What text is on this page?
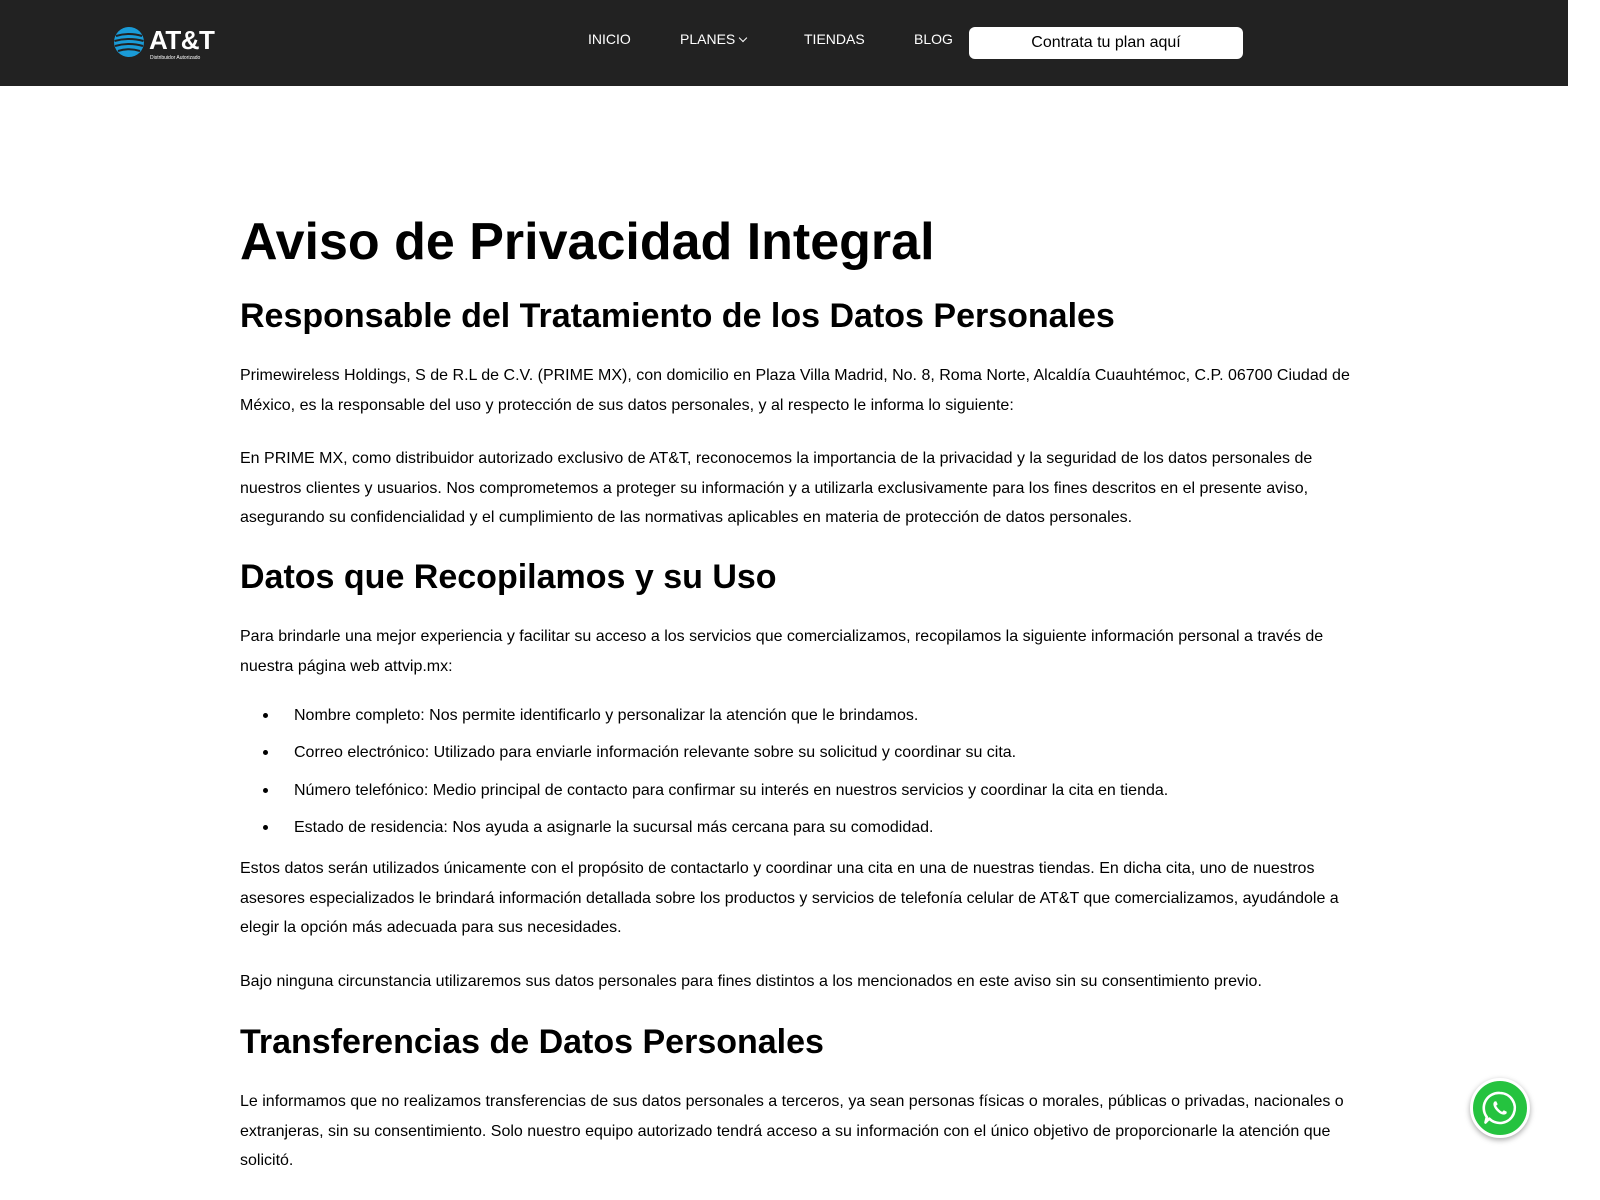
AT&T
Distribuidor Autorizado
INICIO	PLANES	TIENDAS	BLOG	Contrata tu plan aquí
Aviso de Privacidad Integral
Responsable del Tratamiento de los Datos Personales

Primewireless Holdings, S de R.L de C.V. (PRIME MX), con domicilio en Plaza Villa Madrid, No. 8, Roma Norte, Alcaldía Cuauhtémoc, C.P. 06700 Ciudad de México, es la responsable del uso y protección de sus datos personales, y al respecto le informa lo siguiente:

En PRIME MX, como distribuidor autorizado exclusivo de AT&T, reconocemos la importancia de la privacidad y la seguridad de los datos personales de nuestros clientes y usuarios. Nos comprometemos a proteger su información y a utilizarla exclusivamente para los fines descritos en el presente aviso, asegurando su confidencialidad y el cumplimiento de las normativas aplicables en materia de protección de datos personales.

Datos que Recopilamos y su Uso

Para brindarle una mejor experiencia y facilitar su acceso a los servicios que comercializamos, recopilamos la siguiente información personal a través de nuestra página web attvip.mx:

Nombre completo: Nos permite identificarlo y personalizar la atención que le brindamos.
Correo electrónico: Utilizado para enviarle información relevante sobre su solicitud y coordinar su cita.
Número telefónico: Medio principal de contacto para confirmar su interés en nuestros servicios y coordinar la cita en tienda.
Estado de residencia: Nos ayuda a asignarle la sucursal más cercana para su comodidad.

Estos datos serán utilizados únicamente con el propósito de contactarlo y coordinar una cita en una de nuestras tiendas. En dicha cita, uno de nuestros asesores especializados le brindará información detallada sobre los productos y servicios de telefonía celular de AT&T que comercializamos, ayudándole a elegir la opción más adecuada para sus necesidades.

Bajo ninguna circunstancia utilizaremos sus datos personales para fines distintos a los mencionados en este aviso sin su consentimiento previo.

Transferencias de Datos Personales

Le informamos que no realizamos transferencias de sus datos personales a terceros, ya sean personas físicas o morales, públicas o privadas, nacionales o extranjeras, sin su consentimiento. Solo nuestro equipo autorizado tendrá acceso a su información con el único objetivo de proporcionarle la atención que solicitó.
